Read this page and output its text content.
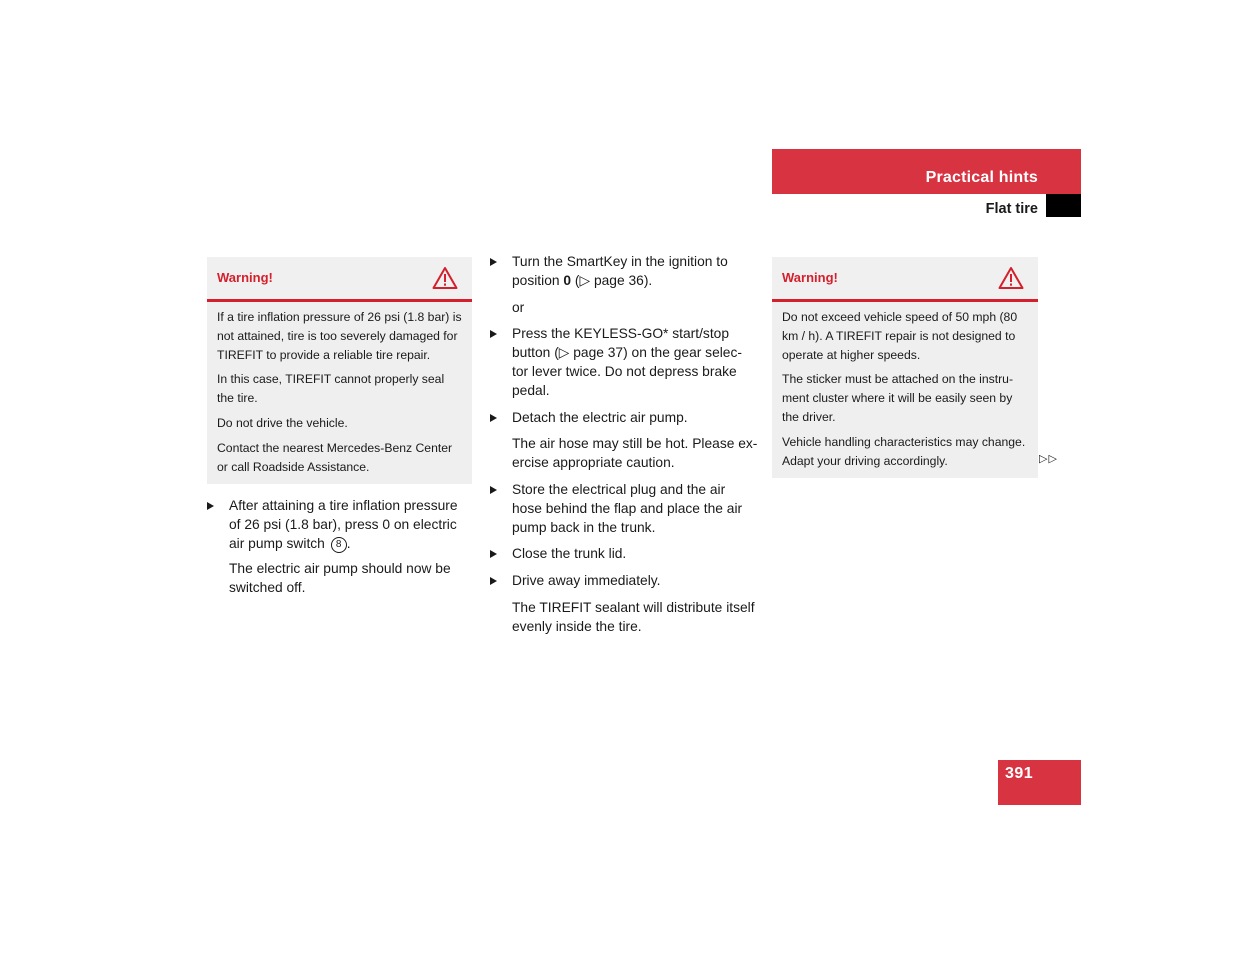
Practical hints
Flat tire
Warning!

If a tire inflation pressure of 26 psi (1.8 bar) is not attained, tire is too severely damaged for TIREFIT to provide a reliable tire repair.

In this case, TIREFIT cannot properly seal the tire.

Do not drive the vehicle.

Contact the nearest Mercedes-Benz Center or call Roadside Assistance.

After attaining a tire inflation pressure of 26 psi (1.8 bar), press 0 on electric air pump switch 8 .

The electric air pump should now be switched off.

Turn the SmartKey in the ignition to position 0 (▷ page 36).

or

Press the KEYLESS-GO* start/stop button (▷ page 37) on the gear selec-tor lever twice. Do not depress brake pedal.

Detach the electric air pump.

The air hose may still be hot. Please ex-ercise appropriate caution.

Store the electrical plug and the air hose behind the flap and place the air pump back in the trunk.

Close the trunk lid.

Drive away immediately.

The TIREFIT sealant will distribute itself evenly inside the tire.

Warning!

Do not exceed vehicle speed of 50 mph (80 km / h). A TIREFIT repair is not designed to operate at higher speeds.

The sticker must be attached on the instru-ment cluster where it will be easily seen by the driver.

Vehicle handling characteristics may change. Adapt your driving accordingly.	▷▷
391
